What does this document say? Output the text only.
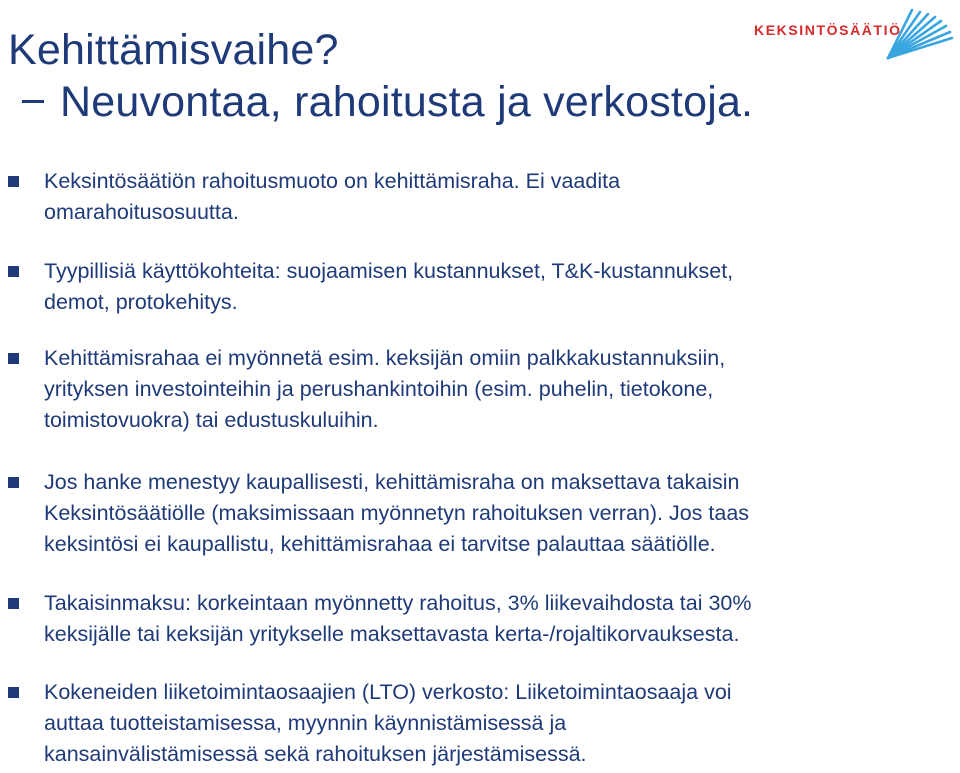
Kehittämisvaihe?
Neuvontaa, rahoitusta ja verkostoja.
KEKSINTÖSÄÄTIÖ

Keksintösäätiön rahoitusmuoto on kehittämisraha. Ei vaadita
omarahoitusosuutta.

Tyypillisiä käyttökohteita: suojaamisen kustannukset, T&K-kustannukset,
demot, protokehitys.

Kehittämisrahaa ei myönnetä esim. keksijän omiin palkkakustannuksiin,
yrityksen investointeihin ja perushankintoihin (esim. puhelin, tietokone,
toimistovuokra) tai edustuskuluihin.

Jos hanke menestyy kaupallisesti, kehittämisraha on maksettava takaisin
Keksintösäätiölle (maksimissaan myönnetyn rahoituksen verran). Jos taas
keksintösi ei kaupallistu, kehittämisrahaa ei tarvitse palauttaa säätiölle.

Takaisinmaksu: korkeintaan myönnetty rahoitus, 3% liikevaihdosta tai 30%
keksijälle tai keksijän yritykselle maksettavasta kerta-/rojaltikorvauksesta.

Kokeneiden liiketoimintaosaajien (LTO) verkosto: Liiketoimintaosaaja voi
auttaa tuotteistamisessa, myynnin käynnistämisessä ja
kansainvälistämisessä sekä rahoituksen järjestämisessä.
